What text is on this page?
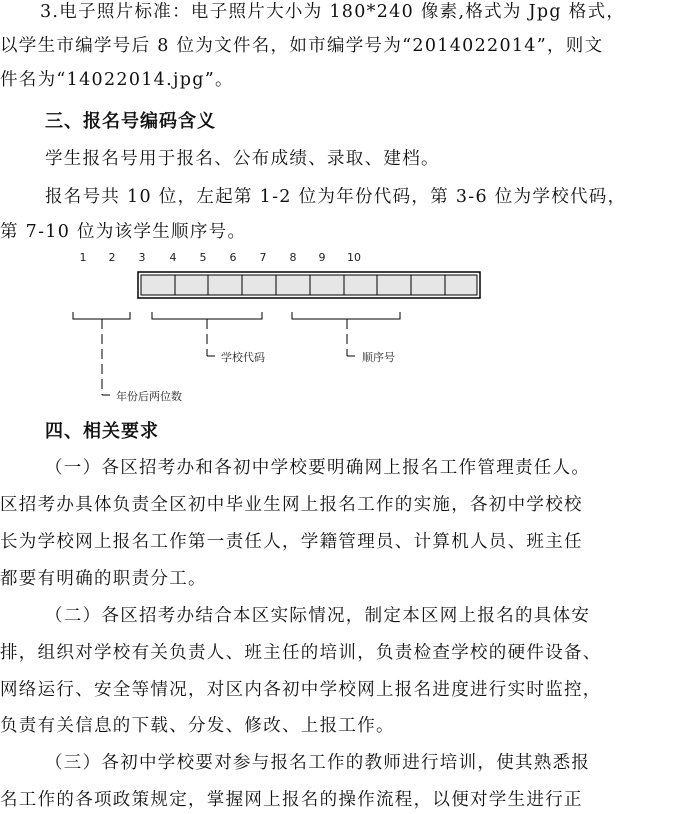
3.电子照片标准：电子照片大小为 180*240 像素,格式为 Jpg 格式，
以学生市编学号后 8 位为文件名，如市编学号为“2014022014”，则文
件名为“14022014.jpg”。
三、报名号编码含义
学生报名号用于报名、公布成绩、录取、建档。
报名号共 10 位，左起第 1-2 位为年份代码，第 3-6 位为学校代码，
第 7-10 位为该学生顺序号。
1 2 3 4 5 6 7 8 9 10
年份后两位数
学校代码	顺序号
四、相关要求
（一）各区招考办和各初中学校要明确网上报名工作管理责任人。
区招考办具体负责全区初中毕业生网上报名工作的实施，各初中学校校
长为学校网上报名工作第一责任人，学籍管理员、计算机人员、班主任
都要有明确的职责分工。
（二）各区招考办结合本区实际情况，制定本区网上报名的具体安
排，组织对学校有关负责人、班主任的培训，负责检查学校的硬件设备、
网络运行、安全等情况，对区内各初中学校网上报名进度进行实时监控，
负责有关信息的下载、分发、修改、上报工作。
（三）各初中学校要对参与报名工作的教师进行培训，使其熟悉报
名工作的各项政策规定，掌握网上报名的操作流程，以便对学生进行正
